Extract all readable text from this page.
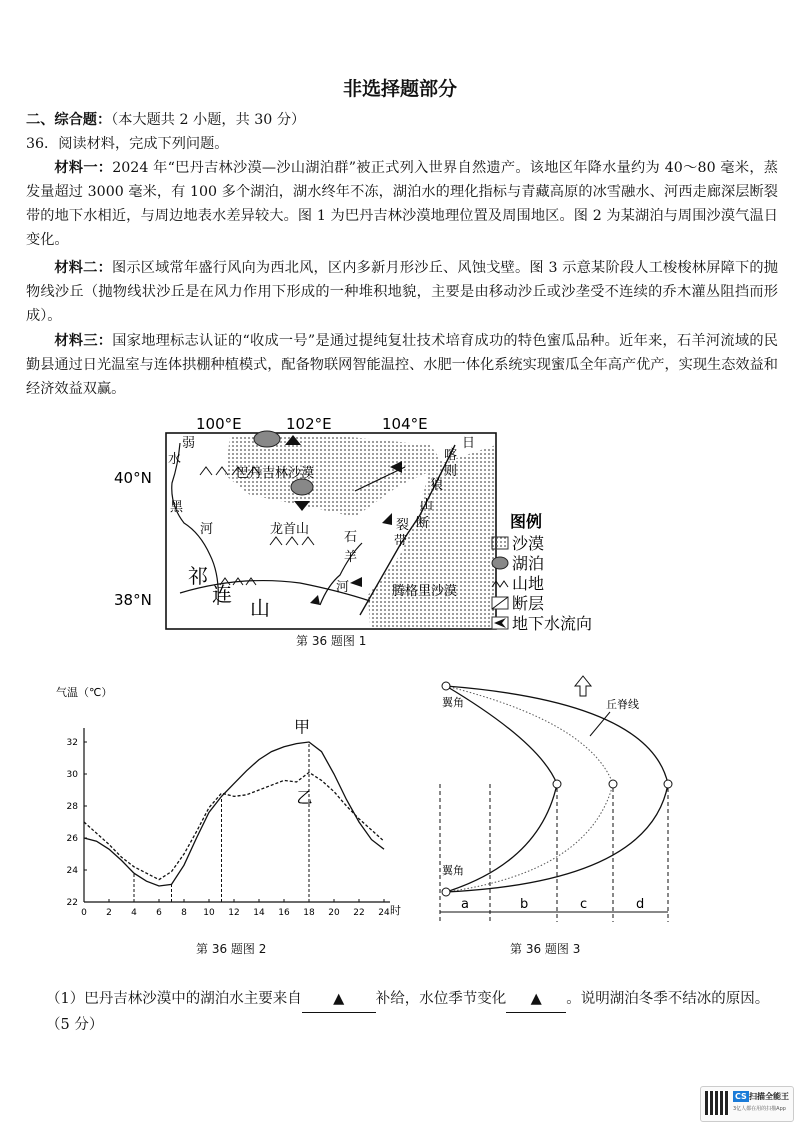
非选择题部分
二、综合题：（本大题共 2 小题，共 30 分）
36．阅读材料，完成下列问题。
材料一：2024 年“巴丹吉林沙漠—沙山湖泊群”被正式列入世界自然遗产。该地区年降水量约为 40～80 毫米，蒸发量超过 3000 毫米，有 100 多个湖泊，湖水终年不冻，湖泊水的理化指标与青藏高原的冰雪融水、河西走廊深层断裂带的地下水相近，与周边地表水差异较大。图 1 为巴丹吉林沙漠地理位置及周围地区。图 2 为某湖泊与周围沙漠气温日变化。
材料二：图示区域常年盛行风向为西北风，区内多新月形沙丘、风蚀戈壁。图 3 示意某阶段人工梭梭林屏障下的抛物线沙丘（抛物线状沙丘是在风力作用下形成的一种堆积地貌，主要是由移动沙丘或沙垄受不连续的乔木灌丛阻挡而形成）。
材料三：国家地理标志认证的“收成一号”是通过提纯复壮技术培育成功的特色蜜瓜品种。近年来，石羊河流域的民勤县通过日光温室与连体拱棚种植模式，配备物联网智能温控、水肥一体化系统实现蜜瓜全年高产优产，实现生态效益和经济效益双赢。
100°E	102°E	104°E
40°N
38°N
弱
水
黑
河
巴丹吉林沙漠
龙首山
祁
连
山
石
羊
河	腾格里沙漠
日
喀
则
狼
山
断
裂
带
图例
沙漠
湖泊
山地
断层
地下水流向
第 36 题图 1
气温（℃）
时
0 2 4 6 8 10 12 14 16 18 20 22 24
22
24
26
28
30
32
甲
乙
第 36 题图 2
a	b	c	d
翼角
翼角
丘脊线
第 36 题图 3
（1）巴丹吉林沙漠中的湖泊水主要来自 ▲ 补给，水位季节变化 ▲ 。说明湖泊冬季不结冰的原因。（5 分）
CS 扫描全能王
3亿人都在用的扫描App
